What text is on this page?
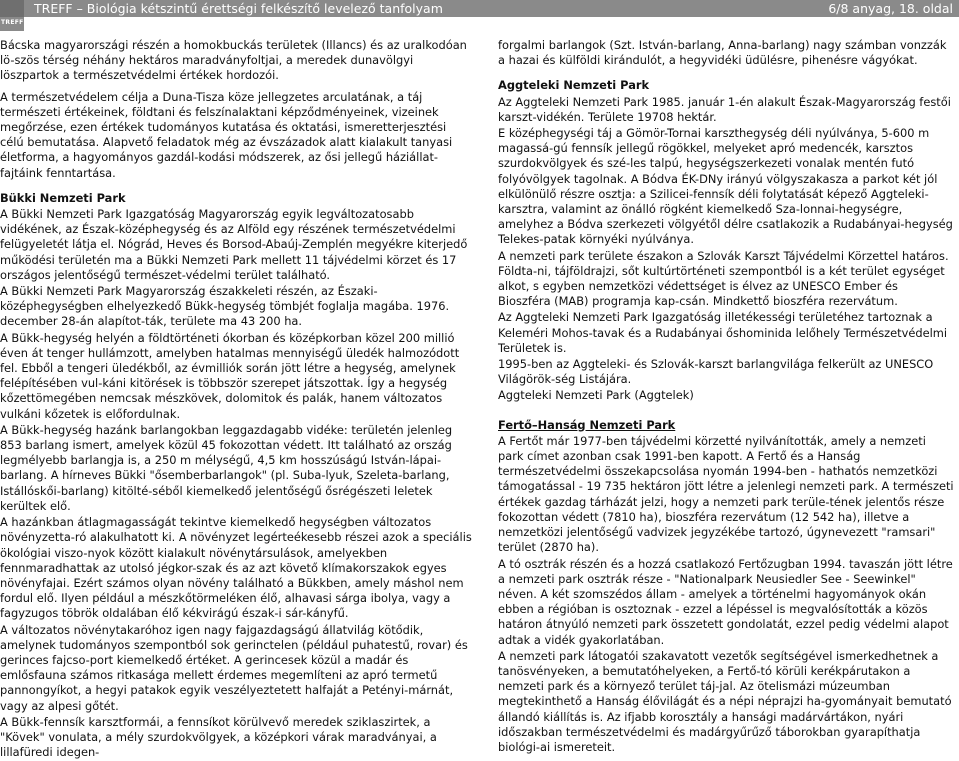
TREFF – Biológia kétszintű érettségi felkészítő levelező tanfolyam	6/8 anyag, 18. oldal
TREFF

Bácska magyarországi részén a homokbuckás területek (Illancs) és az uralkodóan lö-szös térség néhány hektáros maradványfoltjai, a meredek dunavölgyi löszpartok a természetvédelmi értékek hordozói.

A természetvédelem célja a Duna-Tisza köze jellegzetes arculatának, a táj természeti értékeinek, földtani és felszínalaktani képződményeinek, vizeinek megőrzése, ezen értékek tudományos kutatása és oktatási, ismeretterjesztési célú bemutatása. Alapvető feladatok még az évszázadok alatt kialakult tanyasi életforma, a hagyományos gazdál-kodási módszerek, az ősi jellegű háziállat-fajtáink fenntartása.

Bükki Nemzeti Park

A Bükki Nemzeti Park Igazgatóság Magyarország egyik legváltozatosabb vidékének, az Észak-középhegység és az Alföld egy részének természetvédelmi felügyeletét látja el. Nógrád, Heves és Borsod-Abaúj-Zemplén megyékre kiterjedő működési területén ma a Bükki Nemzeti Park mellett 11 tájvédelmi körzet és 17 országos jelentőségű természet-védelmi terület található.

A Bükki Nemzeti Park Magyarország északkeleti részén, az Északi-középhegységben elhelyezkedő Bükk-hegység tömbjét foglalja magába. 1976. december 28-án alapítot-ták, területe ma 43 200 ha.

A Bükk-hegység helyén a földtörténeti ókorban és középkorban közel 200 millió éven át tenger hullámzott, amelyben hatalmas mennyiségű üledék halmozódott fel. Ebből a tengeri üledékből, az évmilliók során jött létre a hegység, amelynek felépítésében vul-káni kitörések is többször szerepet játszottak. Így a hegység kőzettömegében nemcsak mészkövek, dolomitok és palák, hanem változatos vulkáni kőzetek is előfordulnak.

A Bükk-hegység hazánk barlangokban leggazdagabb vidéke: területén jelenleg 853 barlang ismert, amelyek közül 45 fokozottan védett. Itt található az ország legmélyebb barlangja is, a 250 m mélységű, 4,5 km hosszúságú István-lápai-barlang. A hírneves Bükki "ősemberbarlangok" (pl. Suba-lyuk, Szeleta-barlang, Istállóskői-barlang) kitölté-séből kiemelkedő jelentőségű ősrégészeti leletek kerültek elő.

A hazánkban átlagmagasságát tekintve kiemelkedő hegységben változatos növényzetta-ró alakulhatott ki. A növényzet legérteékesebb részei azok a speciális ökológiai viszo-nyok között kialakult növénytársulások, amelyekben fennmaradhattak az utolsó jégkor-szak és az azt követő klímakorszakok egyes növényfajai. Ezért számos olyan növény található a Bükkben, amely máshol nem fordul elő. Ilyen például a mészkőtörmeléken élő, alhavasi sárga ibolya, vagy a fagyzugos töbrök oldalában élő kékvirágú észak-i sár-kányfű.

A változatos növénytakaróhoz igen nagy fajgazdagságú állatvilág kötődik, amelynek tudományos szempontból sok gerinctelen (például puhatestű, rovar) és gerinces fajcso-port kiemelkedő értéket. A gerincesek közül a madár és emlősfauna számos ritkasága mellett érdemes megemlíteni az apró termetű pannongyíkot, a hegyi patakok egyik veszélyeztetett halfaját a Petényi-márnát, vagy az alpesi gőtét.

A Bükk-fennsík karsztformái, a fennsíkot körülvevő meredek sziklaszirtek, a "Kövek" vonulata, a mély szurdokvölgyek, a középkori várak maradványai, a lillafüredi idegen-

forgalmi barlangok (Szt. István-barlang, Anna-barlang) nagy számban vonzzák a hazai és külföldi kirándulót, a hegyvidéki üdülésre, pihenésre vágyókat.

Aggteleki Nemzeti Park

Az Aggteleki Nemzeti Park 1985. január 1-én alakult Észak-Magyarország festői karszt-vidékén. Területe 19708 hektár.

E középhegységi táj a Gömör-Tornai karszthegység déli nyúlványa, 5-600 m magassá-gú fennsík jellegű rögökkel, melyeket apró medencék, karsztos szurdokvölgyek és szé-les talpú, hegységszerkezeti vonalak mentén futó folyóvölgyek tagolnak. A Bódva ÉK-DNy irányú völgyszakasza a parkot két jól elkülönülő részre osztja: a Szilicei-fennsík déli folytatását képező Aggteleki-karsztra, valamint az önálló rögként kiemelkedő Sza-lonnai-hegységre, amelyhez a Bódva szerkezeti völgyétől délre csatlakozik a Rudabányai-hegység Telekes-patak környéki nyúlványa.

A nemzeti park területe északon a Szlovák Karszt Tájvédelmi Körzettel határos. Földta-ni, tájföldrajzi, sőt kultúrtörténeti szempontból is a két terület egységet alkot, s egyben nemzetközi védettséget is élvez az UNESCO Ember és Bioszféra (MAB) programja kap-csán. Mindkettő bioszféra rezervátum.

Az Aggteleki Nemzeti Park Igazgatóság illetékességi területéhez tartoznak a Keleméri Mohos-tavak és a Rudabányai őshominida lelőhely Természetvédelmi Területek is.

1995-ben az Aggteleki- és Szlovák-karszt barlangvilága felkerült az UNESCO Világörök-ség Listájára.

Aggteleki Nemzeti Park (Aggtelek)

Fertő–Hanság Nemzeti Park

A Fertőt már 1977-ben tájvédelmi körzetté nyilvánították, amely a nemzeti park címet azonban csak 1991-ben kapott. A Fertő és a Hanság természetvédelmi összekapcsolása nyomán 1994-ben - hathatós nemzetközi támogatással - 19 735 hektáron jött létre a jelenlegi nemzeti park. A természeti értékek gazdag tárházát jelzi, hogy a nemzeti park terüle-tének jelentős része fokozottan védett (7810 ha), bioszféra rezervátum (12 542 ha), illetve a nemzetközi jelentőségű vadvizek jegyzékébe tartozó, úgynevezett "ramsari" terület (2870 ha).

A tó osztrák részén és a hozzá csatlakozó Fertőzugban 1994. tavaszán jött létre a nemzeti park osztrák része - "Nationalpark Neusiedler See - Seewinkel" néven. A két szomszédos állam - amelyek a történelmi hagyományok okán ebben a régióban is osztoznak - ezzel a lépéssel is megvalósították a közös határon átnyúló nemzeti park összetett gondolatát, ezzel pedig védelmi alapot adtak a vidék gyakorlatában.

A nemzeti park látogatói szakavatott vezetők segítségével ismerkedhetnek a tanösvényeken, a bemutatóhelyeken, a Fertő-tó körüli kerékpárutakon a nemzeti park és a környező terület táj-jal. Az ötelismázi múzeumban megtekinthető a Hanság élővilágát és a népi néprajzi ha-gyományait bemutató állandó kiállítás is. Az ifjabb korosztály a hansági madárvártákon, nyári időszakban természetvédelmi és madárgyűrűző táborokban gyarapíthatja biológi-ai ismereteit.
